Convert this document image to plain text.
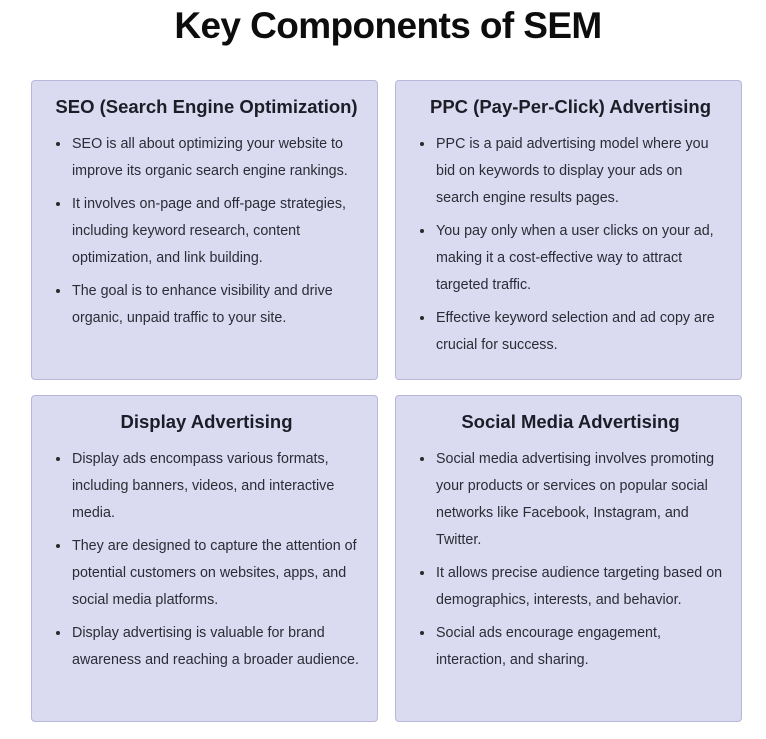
Key Components of SEM
SEO (Search Engine Optimization)
• SEO is all about optimizing your website to improve its organic search engine rankings.
• It involves on-page and off-page strategies, including keyword research, content optimization, and link building.
• The goal is to enhance visibility and drive organic, unpaid traffic to your site.
PPC (Pay-Per-Click) Advertising
• PPC is a paid advertising model where you bid on keywords to display your ads on search engine results pages.
• You pay only when a user clicks on your ad, making it a cost-effective way to attract targeted traffic.
• Effective keyword selection and ad copy are crucial for success.
Display Advertising
• Display ads encompass various formats, including banners, videos, and interactive media.
• They are designed to capture the attention of potential customers on websites, apps, and social media platforms.
• Display advertising is valuable for brand awareness and reaching a broader audience.
Social Media Advertising
• Social media advertising involves promoting your products or services on popular social networks like Facebook, Instagram, and Twitter.
• It allows precise audience targeting based on demographics, interests, and behavior.
• Social ads encourage engagement, interaction, and sharing.
